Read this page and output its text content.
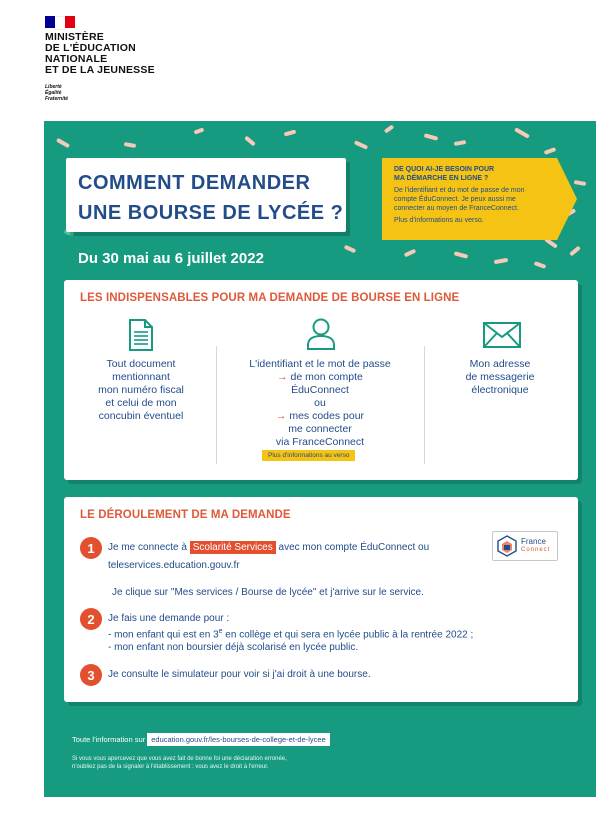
MINISTÈRE
DE L'ÉDUCATION
NATIONALE
ET DE LA JEUNESSE
Liberté
Égalité
Fraternité
COMMENT DEMANDER
UNE BOURSE DE LYCÉE ?
DE QUOI AI-JE BESOIN POUR
MA DÉMARCHE EN LIGNE ?
De l'identifiant et du mot de passe de mon
compte ÉduConnect. Je peux aussi me
connecter au moyen de FranceConnect.
Plus d'informations au verso.
Du 30 mai au 6 juillet 2022
LES INDISPENSABLES POUR MA DEMANDE DE BOURSE EN LIGNE
Tout document
mentionnant
mon numéro fiscal
et celui de mon
concubin éventuel
L'identifiant et le mot de passe
→ de mon compte
ÉduConnect
ou
→ mes codes pour
me connecter
via FranceConnect
Plus d'informations au verso
Mon adresse
de messagerie
électronique
LE DÉROULEMENT DE MA DEMANDE
1	Je me connecte à Scolarité Services avec mon compte ÉduConnect ou
France
Connect
teleservices.education.gouv.fr
Je clique sur "Mes services / Bourse de lycée" et j'arrive sur le service.
2	Je fais une demande pour :
- mon enfant qui est en 3e en collège et qui sera en lycée public à la rentrée 2022 ;
- mon enfant non boursier déjà scolarisé en lycée public.
3	Je consulte le simulateur pour voir si j'ai droit à une bourse.
Toute l'information sur education.gouv.fr/les-bourses-de-college-et-de-lycee
Si vous vous apercevez que vous avez fait de bonne foi une déclaration erronée,
n'oubliez pas de la signaler à l'établissement : vous avez le droit à l'erreur.
